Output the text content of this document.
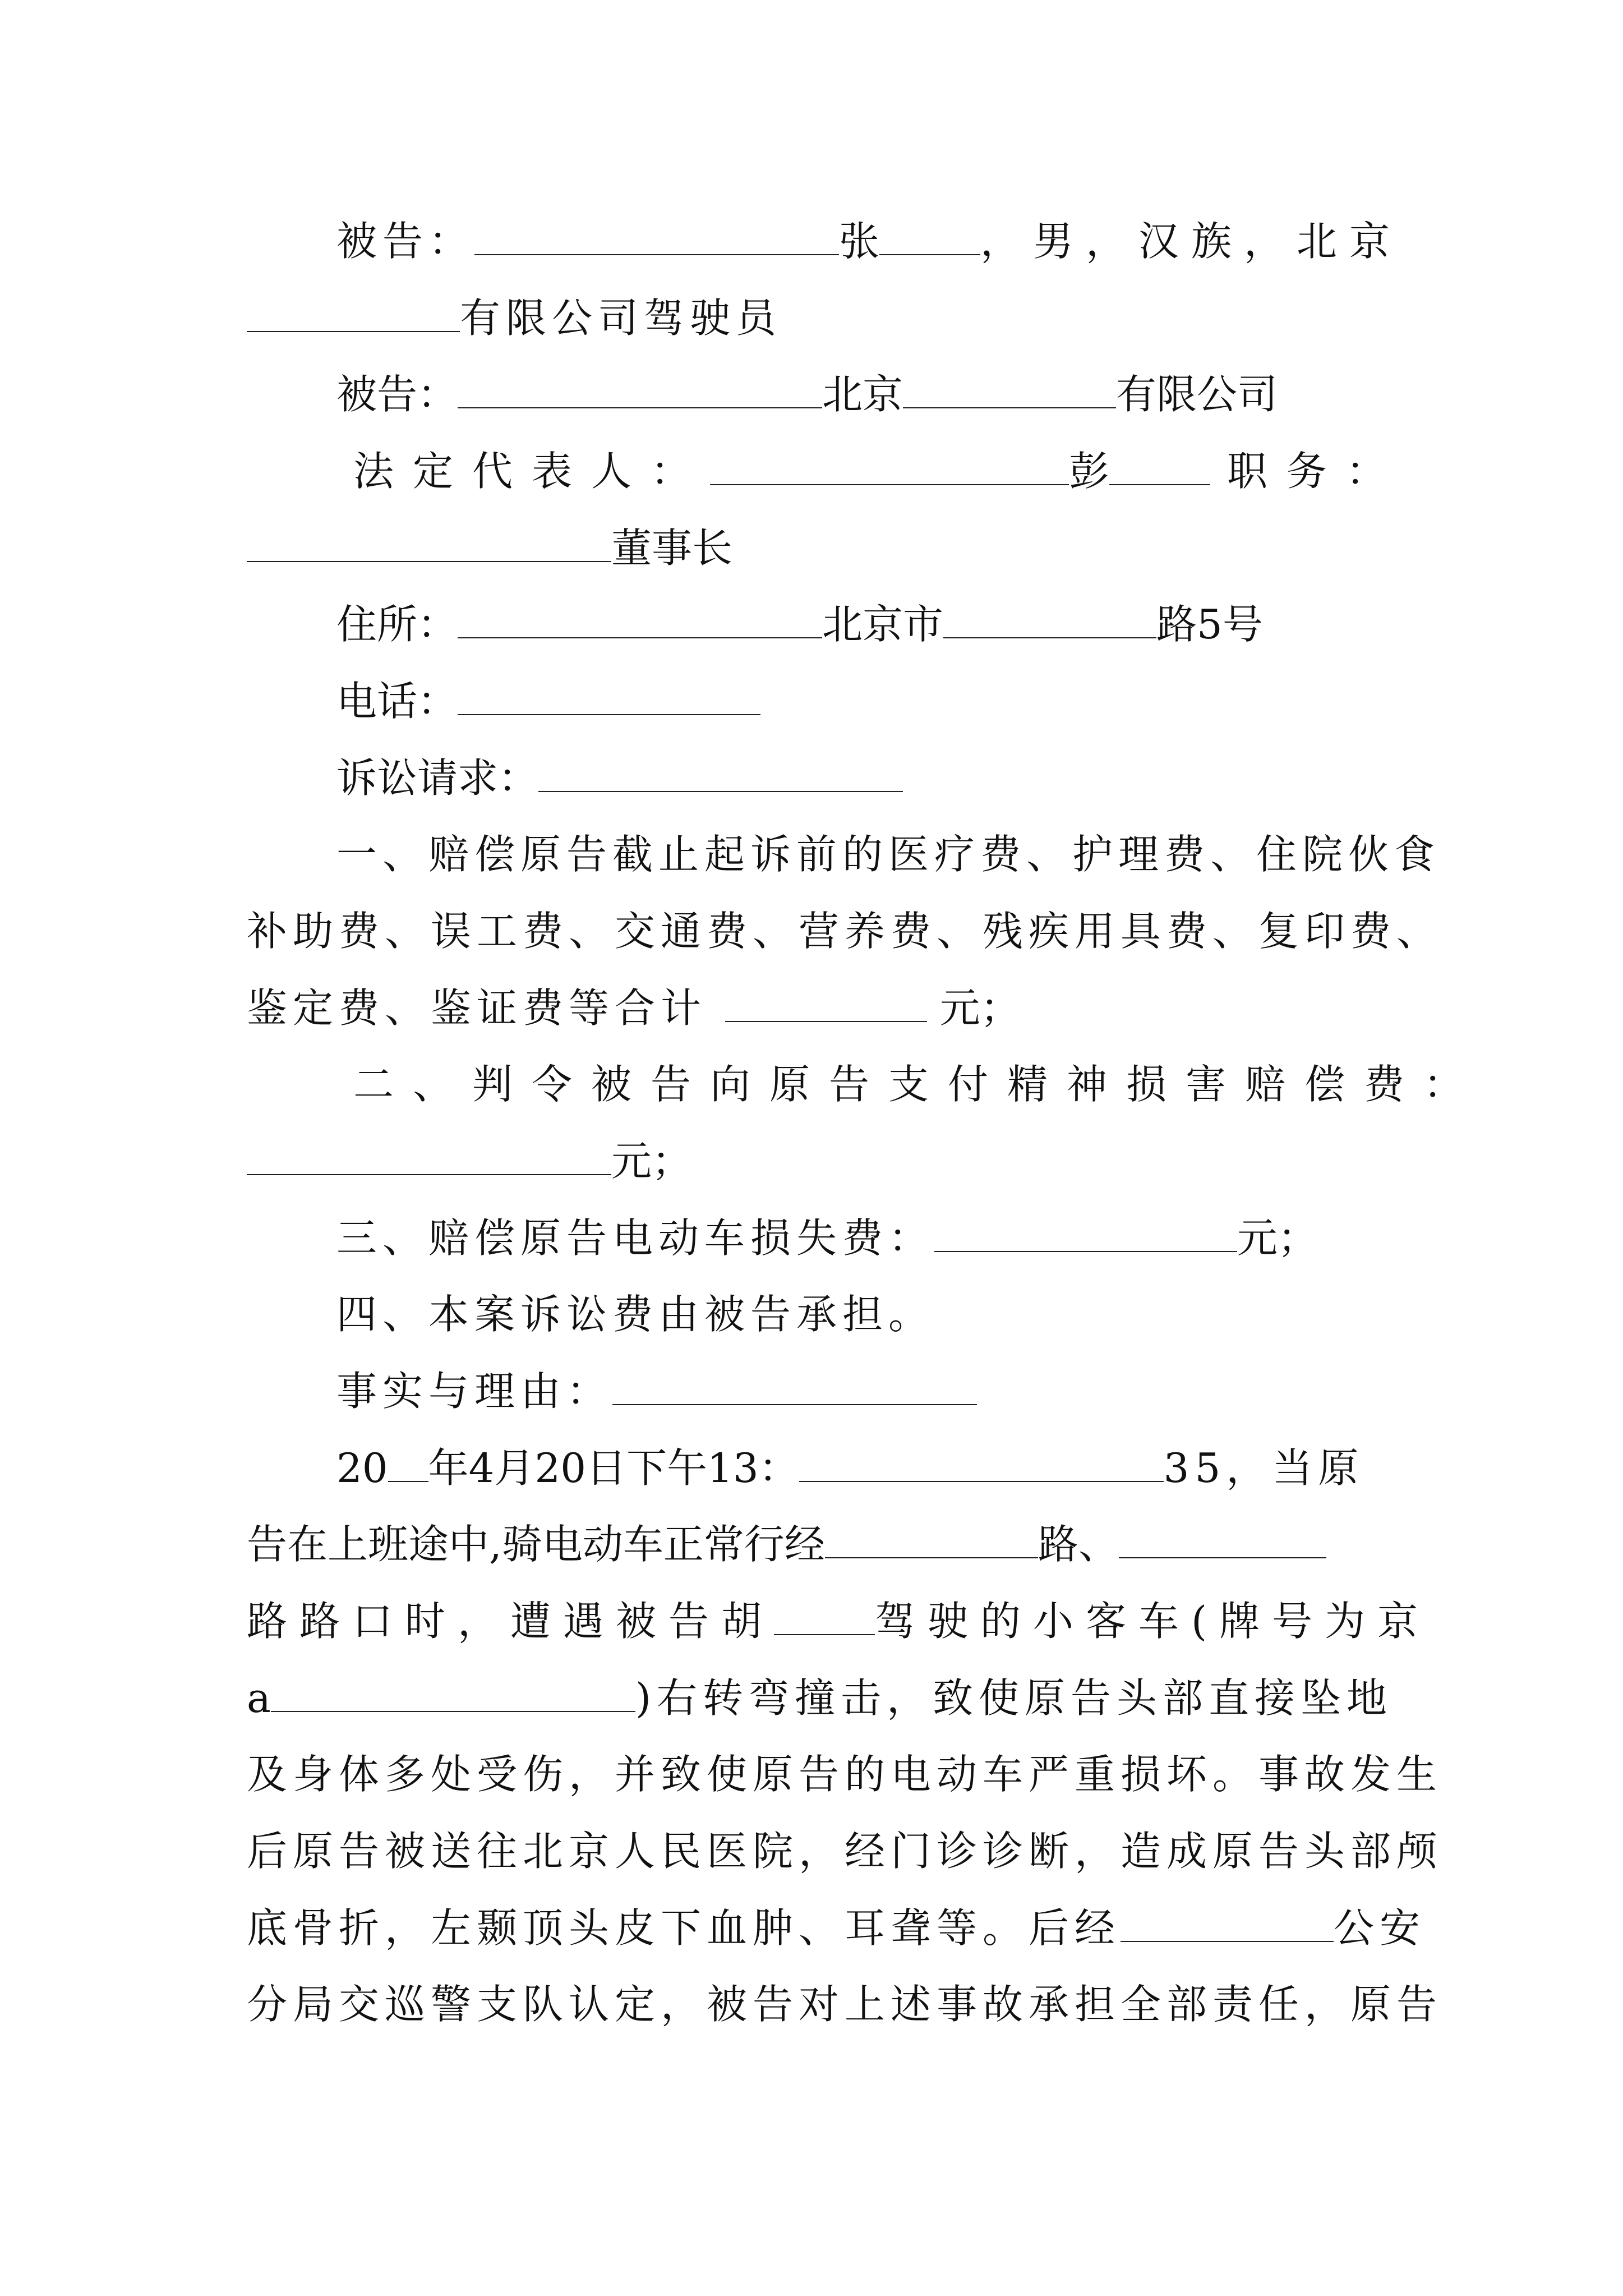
被告：	张	，男，汉族，北京
有限公司驾驶员
被告：	北京	有限公司
法定代表人：	彭	职务：
董事长
住所：	北京市	路5号
电话：
诉讼请求：
一、赔偿原告截止起诉前的医疗费、护理费、住院伙食
补助费、误工费、交通费、营养费、残疾用具费、复印费、
鉴定费、鉴证费等合计	元；
二、判令被告向原告支付精神损害赔偿费：
元；
三、赔偿原告电动车损失费：	元；
四、本案诉讼费由被告承担。
事实与理由：
20 年4月20日下午13：	35，当原
告在上班途中,骑电动车正常行经	路、
路路口时，遭遇被告胡	驾驶的小客车(牌号为京
a	)右转弯撞击，致使原告头部直接坠地
及身体多处受伤，并致使原告的电动车严重损坏。事故发生
后原告被送往北京人民医院，经门诊诊断，造成原告头部颅
底骨折，左颞顶头皮下血肿、耳聋等。后经	公安
分局交巡警支队认定，被告对上述事故承担全部责任，原告
